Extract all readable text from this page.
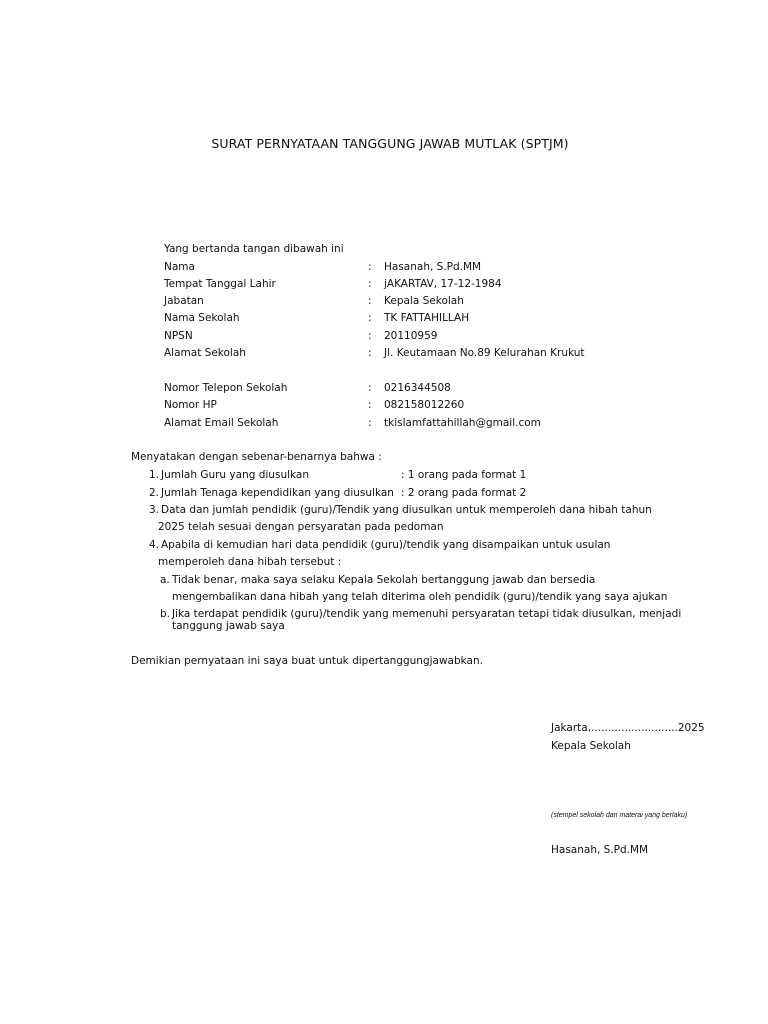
SURAT PERNYATAAN TANGGUNG JAWAB MUTLAK (SPTJM)
Yang bertanda tangan dibawah ini
Nama	: Hasanah, S.Pd.MM
Tempat Tanggal Lahir	: jAKARTAV, 17-12-1984
Jabatan	: Kepala Sekolah
Nama Sekolah	: TK FATTAHILLAH
NPSN	: 20110959
Alamat Sekolah	: Jl. Keutamaan No.89 Kelurahan Krukut
Nomor Telepon Sekolah	: 0216344508
Nomor HP	: 082158012260
Alamat Email Sekolah	: tkislamfattahillah@gmail.com
Menyatakan dengan sebenar-benarnya bahwa :
1. Jumlah Guru yang diusulkan	: 1 orang pada format 1
2. Jumlah Tenaga kependidikan yang diusulkan : 2 orang pada format 2
3. Data dan jumlah pendidik (guru)/Tendik yang diusulkan untuk memperoleh dana hibah tahun
2025 telah sesuai dengan persyaratan pada pedoman
4. Apabila di kemudian hari data pendidik (guru)/tendik yang disampaikan untuk usulan
memperoleh dana hibah tersebut :
a. Tidak benar, maka saya selaku Kepala Sekolah bertanggung jawab dan bersedia
mengembalikan dana hibah yang telah diterima oleh pendidik (guru)/tendik yang saya ajukan
b. Jika terdapat pendidik (guru)/tendik yang memenuhi persyaratan tetapi tidak diusulkan, menjadi
tanggung jawab saya
Demikian pernyataan ini saya buat untuk dipertanggungjawabkan.
Jakarta,..........................2025
Kepala Sekolah
(stempel sekolah dan materai yang berlaku)
Hasanah, S.Pd.MM
